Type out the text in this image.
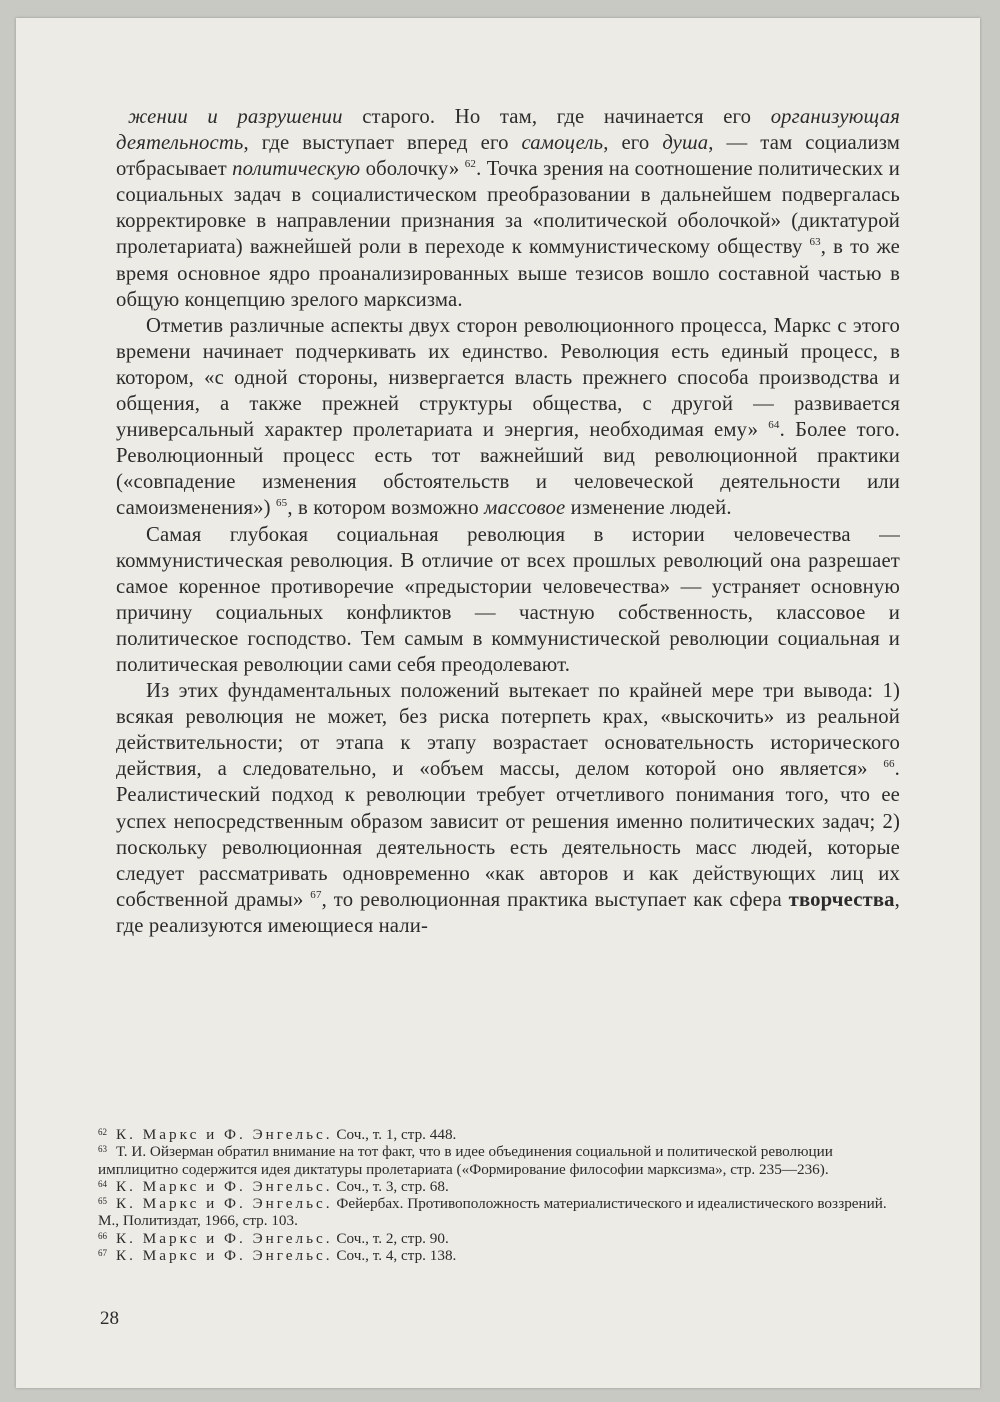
жении и разрушении старого. Но там, где начинается его организующая деятельность, где выступает вперед его самоцель, его душа, — там социализм отбрасывает политическую оболочку» $^{62}$. Точка зрения на соотношение политических и социальных задач в социалистическом преобразовании в дальнейшем подвергалась корректировке в направлении признания за «политической оболочкой» (диктатурой пролетариата) важнейшей роли в переходе к коммунистическому обществу $^{63}$, в то же время основное ядро проанализированных выше тезисов вошло составной частью в общую концепцию зрелого марксизма.

Отметив различные аспекты двух сторон революционного процесса, Маркс с этого времени начинает подчеркивать их единство. Революция есть единый процесс, в котором, «с одной стороны, низвергается власть прежнего способа производства и общения, а также прежней структуры общества, с другой — развивается универсальный характер пролетариата и энергия, необходимая ему» $^{64}$. Более того. Революционный процесс есть тот важнейший вид революционной практики («совпадение изменения обстоятельств и человеческой деятельности или самоизменения») $^{65}$, в котором возможно массовое изменение людей.

Самая глубокая социальная революция в истории человечества — коммунистическая революция. В отличие от всех прошлых революций она разрешает самое коренное противоречие «предыстории человечества» — устраняет основную причину социальных конфликтов — частную собственность, классовое и политическое господство. Тем самым в коммунистической революции социальная и политическая революции сами себя преодолевают.

Из этих фундаментальных положений вытекает по крайней мере три вывода: 1) всякая революция не может, без риска потерпеть крах, «выскочить» из реальной действительности; от этапа к этапу возрастает основательность исторического действия, а следовательно, и «объем массы, делом которой оно является» $^{66}$. Реалистический подход к революции требует отчетливого понимания того, что ее успех непосредственным образом зависит от решения именно политических задач; 2) поскольку революционная деятельность есть деятельность масс людей, которые следует рассматривать одновременно «как авторов и как действующих лиц их собственной драмы» $^{67}$, то революционная практика выступает как сфера творчества, где реализуются имеющиеся нали-

62 К. Маркс и Ф. Энгельс. Соч., т. 1, стр. 448.

63 Т. И. Ойзерман обратил внимание на тот факт, что в идее объединения социальной и политической революции имплицитно содержится идея диктатуры пролетариата («Формирование философии марксизма», стр. 235—236).

64 К. Маркс и Ф. Энгельс. Соч., т. 3, стр. 68.

65 К. Маркс и Ф. Энгельс. Фейербах. Противоположность материалистического и идеалистического воззрений. М., Политиздат, 1966, стр. 103.

66 К. Маркс и Ф. Энгельс. Соч., т. 2, стр. 90.

67 К. Маркс и Ф. Энгельс. Соч., т. 4, стр. 138.

28
